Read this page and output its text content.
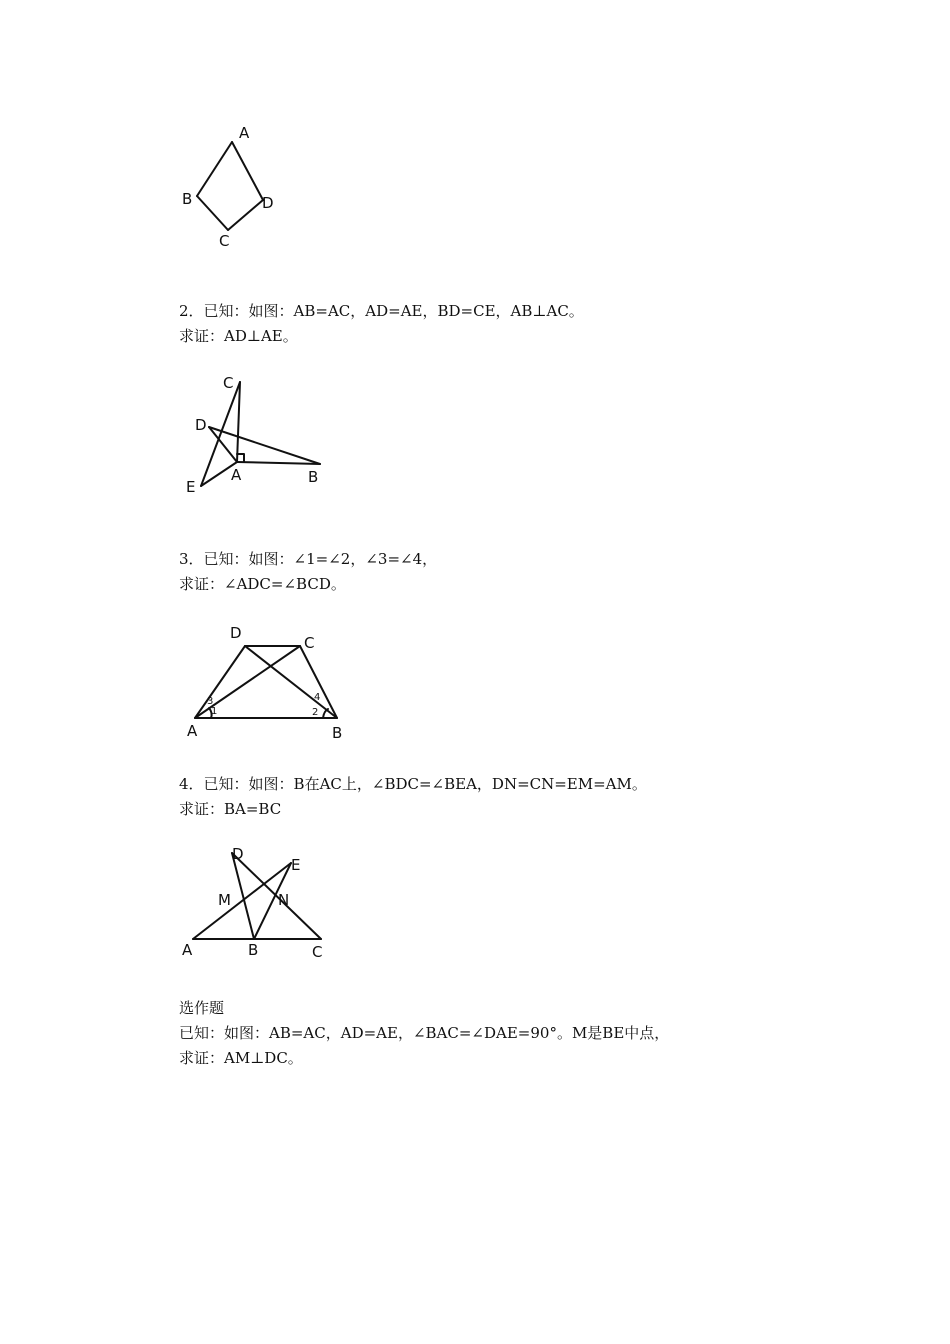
A
B
C
D
2．已知：如图：AB=AC，AD=AE，BD=CE，AB⊥AC。
求证：AD⊥AE。
C
D
E
A	B
3．已知：如图：∠1=∠2，∠3=∠4，
求证：∠ADC=∠BCD。
D
C
A	B
1
3
2
4
4．已知：如图：B在AC上，∠BDC=∠BEA，DN=CN=EM=AM。
求证：BA=BC
D
E
M	N
A	B	C
选作题
已知：如图：AB=AC，AD=AE，∠BAC=∠DAE=90°。M是BE中点，
求证：AM⊥DC。
